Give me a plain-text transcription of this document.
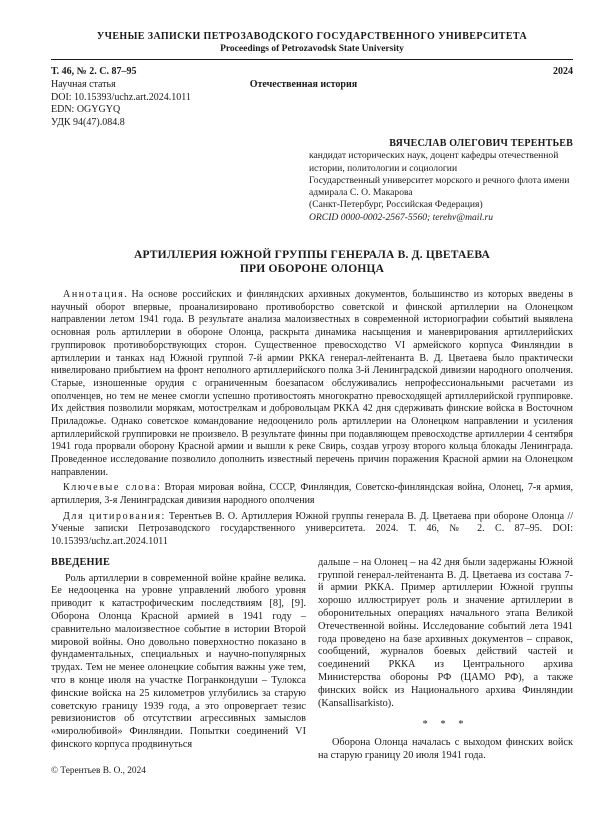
УЧЕНЫЕ ЗАПИСКИ ПЕТРОЗАВОДСКОГО ГОСУДАРСТВЕННОГО УНИВЕРСИТЕТА
Proceedings of Petrozavodsk State University
Т. 46, № 2. С. 87–95	2024
Научная статья	Отечественная история
DOI: 10.15393/uchz.art.2024.1011
EDN: OGYGYQ
УДК 94(47).084.8
ВЯЧЕСЛАВ ОЛЕГОВИЧ ТЕРЕНТЬЕВ
кандидат исторических наук, доцент кафедры отечественной истории, политологии и социологии
Государственный университет морского и речного флота имени адмирала С. О. Макарова
(Санкт-Петербург, Российская Федерация)
ORCID 0000-0002-2567-5560; terehv@mail.ru
АРТИЛЛЕРИЯ ЮЖНОЙ ГРУППЫ ГЕНЕРАЛА В. Д. ЦВЕТАЕВА
ПРИ ОБОРОНЕ ОЛОНЦА

Аннотация. На основе российских и финляндских архивных документов, большинство из которых введены в научный оборот впервые, проанализировано противоборство советской и финской артиллерии на Олонецком направлении летом 1941 года. В результате анализа малоизвестных в современной историографии событий выявлена основная роль артиллерии в обороне Олонца, раскрыта динамика насыщения и маневрирования артиллерийских группировок противоборствующих сторон. Существенное превосходство VI армейского корпуса Финляндии в артиллерии и танках над Южной группой 7-й армии РККА генерал-лейтенанта В. Д. Цветаева было практически нивелировано прибытием на фронт неполного артиллерийского полка 3-й Ленинградской дивизии народного ополчения. Старые, изношенные орудия с ограниченным боезапасом обслуживались непрофессиональными расчетами из ополченцев, но тем не менее смогли успешно противостоять многократно превосходящей артиллерийской группировке. Их действия позволили морякам, мотострелкам и добровольцам РККА 42 дня сдерживать финские войска в Восточном Приладожье. Однако советское командование недооценило роль артиллерии на Олонецком направлении и усиления артиллерийской группировки не произвело. В результате финны при подавляющем превосходстве артиллерии 4 сентября 1941 года прорвали оборону Красной армии и вышли к реке Свирь, создав угрозу второго кольца блокады Ленинграда. Проведенное исследование позволило дополнить известный перечень причин поражения Красной армии на Олонецком направлении.

Ключевые слова: Вторая мировая война, СССР, Финляндия, Советско-финляндская война, Олонец, 7-я армия, артиллерия, 3-я Ленинградская дивизия народного ополчения

Для цитирования: Терентьев В. О. Артиллерия Южной группы генерала В. Д. Цветаева при обороне Олонца // Ученые записки Петрозаводского государственного университета. 2024. Т. 46, № 2. С. 87–95. DOI: 10.15393/uchz.art.2024.1011

ВВЕДЕНИЕ

Роль артиллерии в современной войне крайне велика. Ее недооценка на уровне управлений любого уровня приводит к катастрофическим последствиям [8], [9]. Оборона Олонца Красной армией в 1941 году – сравнительно малоизвестное событие в истории Второй мировой войны. Оно довольно поверхностно показано в фундаментальных, специальных и научно-популярных трудах. Тем не менее олонецкие события важны уже тем, что в конце июля на участке Погранкондуши – Тулокса финские войска на 25 километров углубились за старую советскую границу 1939 года, а это опровергает тезис ревизионистов об отсутствии агрессивных замыслов «миролюбивой» Финляндии. Попытки соединений VI финского корпуса продвинуться

дальше – на Олонец – на 42 дня были задержаны Южной группой генерал-лейтенанта В. Д. Цветаева из состава 7-й армии РККА. Пример артиллерии Южной группы хорошо иллюстрирует роль и значение артиллерии в оборонительных операциях начального этапа Великой Отечественной войны. Исследование событий лета 1941 года проведено на базе архивных документов – справок, сообщений, журналов боевых действий частей и соединений РККА из Центрального архива Министерства обороны РФ (ЦАМО РФ), а также финских войск из Национального архива Финляндии (Kansallisarkisto).

* * *

Оборона Олонца началась с выходом финских войск на старую границу 20 июля 1941 года.

© Терентьев В. О., 2024
